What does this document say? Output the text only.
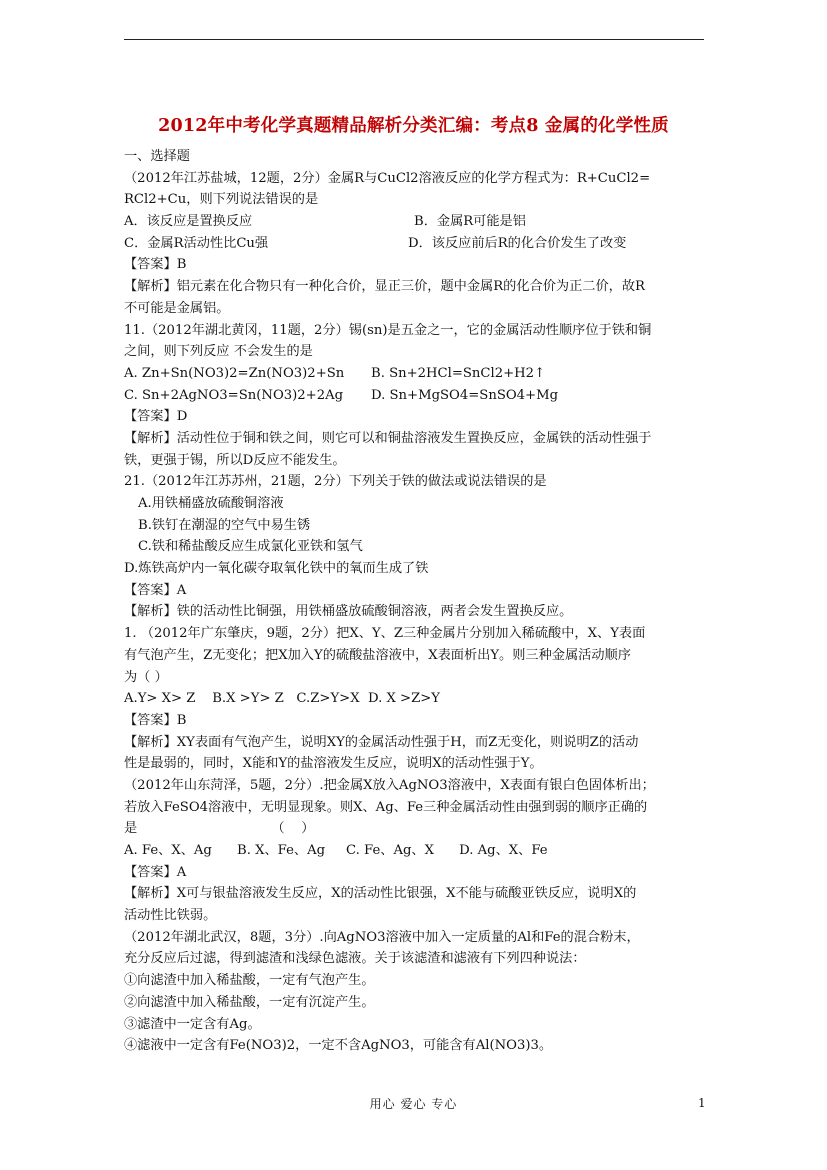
2012年中考化学真题精品解析分类汇编：考点8 金属的化学性质
一、选择题
（2012年江苏盐城，12题，2分）金属R与CuCl2溶液反应的化学方程式为：R+CuCl2=
RCl2+Cu，则下列说法错误的是
A．该反应是置换反应	B．金属R可能是铝
C．金属R活动性比Cu强	D．该反应前后R的化合价发生了改变
【答案】B
【解析】铝元素在化合物只有一种化合价，显正三价，题中金属R的化合价为正二价，故R
不可能是金属铝。
11.（2012年湖北黄冈，11题，2分）锡(sn)是五金之一，它的金属活动性顺序位于铁和铜
之间，则下列反应 不会发生的是
A. Zn+Sn(NO3)2=Zn(NO3)2+Sn	B. Sn+2HCl=SnCl2+H2↑
C. Sn+2AgNO3=Sn(NO3)2+2Ag	D. Sn+MgSO4=SnSO4+Mg
【答案】D
【解析】活动性位于铜和铁之间，则它可以和铜盐溶液发生置换反应，金属铁的活动性强于
铁，更强于锡，所以D反应不能发生。
21.（2012年江苏苏州，21题，2分）下列关于铁的做法或说法错误的是
A.用铁桶盛放硫酸铜溶液
B.铁钉在潮湿的空气中易生锈
C.铁和稀盐酸反应生成氯化亚铁和氢气
D.炼铁高炉内一氧化碳夺取氧化铁中的氧而生成了铁
【答案】A
【解析】铁的活动性比铜强，用铁桶盛放硫酸铜溶液，两者会发生置换反应。
1. （2012年广东肇庆，9题，2分）把X、Y、Z三种金属片分别加入稀硫酸中，X、Y表面
有气泡产生，Z无变化；把X加入Y的硫酸盐溶液中，X表面析出Y。则三种金属活动顺序
为（ ）
A.Y> X> Z    B.X >Y> Z   C.Z>Y>X  D. X >Z>Y
【答案】B
【解析】XY表面有气泡产生，说明XY的金属活动性强于H，而Z无变化，则说明Z的活动
性是最弱的，同时，X能和Y的盐溶液发生反应，说明X的活动性强于Y。
（2012年山东菏泽，5题，2分）.把金属X放入AgNO3溶液中，X表面有银白色固体析出；
若放入FeSO4溶液中，无明显现象。则X、Ag、Fe三种金属活动性由强到弱的顺序正确的
是                                （    ）
A. Fe、X、Ag      B. X、Fe、Ag     C. Fe、Ag、X      D. Ag、X、Fe
【答案】A
【解析】X可与银盐溶液发生反应，X的活动性比银强，X不能与硫酸亚铁反应，说明X的
活动性比铁弱。
（2012年湖北武汉，8题，3分）.向AgNO3溶液中加入一定质量的Al和Fe的混合粉末，
充分反应后过滤，得到滤渣和浅绿色滤液。关于该滤渣和滤液有下列四种说法：
①向滤渣中加入稀盐酸，一定有气泡产生。
②向滤渣中加入稀盐酸，一定有沉淀产生。
③滤渣中一定含有Ag。
④滤液中一定含有Fe(NO3)2，一定不含AgNO3，可能含有Al(NO3)3。
用心 爱心 专心	1
